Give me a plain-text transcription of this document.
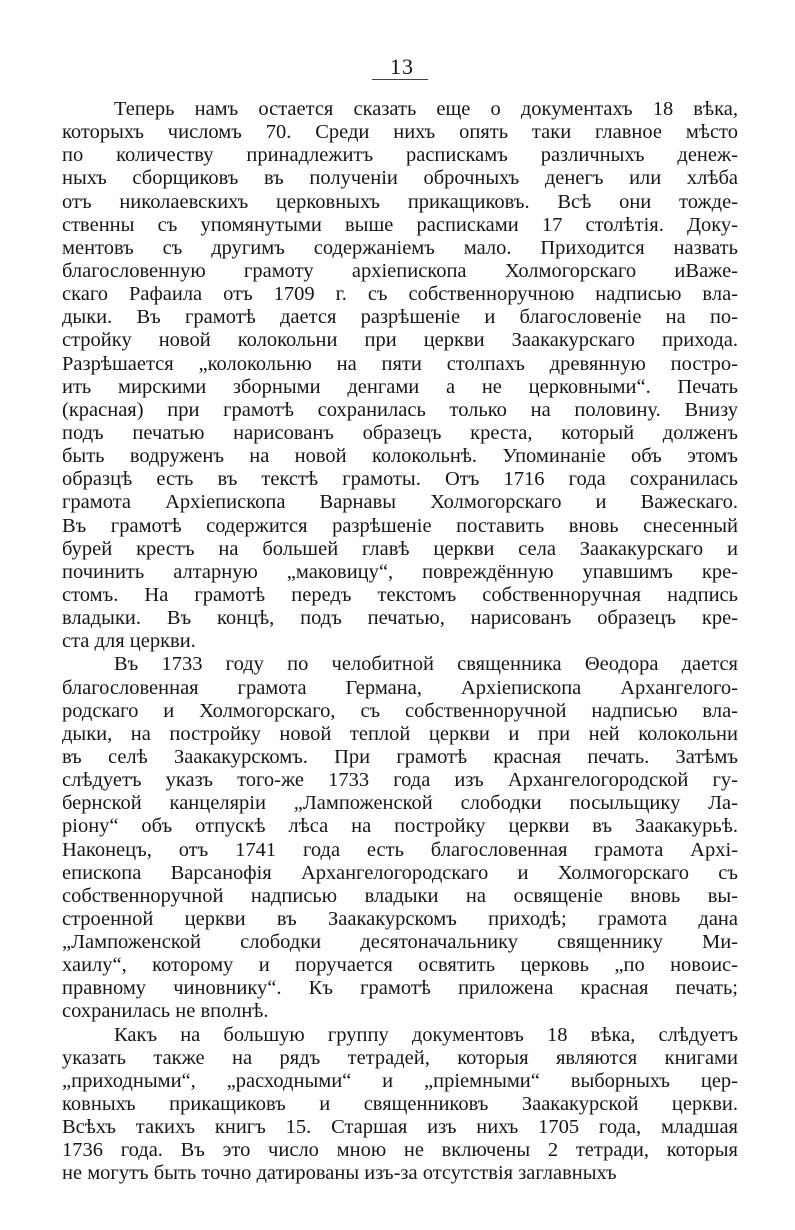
13
Теперь намъ остается сказать еще о документахъ 18 вѣка,
которыхъ числомъ 70. Среди нихъ опять таки главное мѣсто
по количеству принадлежитъ распискамъ различныхъ денеж-
ныхъ сборщиковъ въ полученіи оброчныхъ денегъ или хлѣба
отъ николаевскихъ церковныхъ прикащиковъ. Всѣ они тожде-
ственны съ упомянутыми выше расписками 17 столѣтія. Доку-
ментовъ съ другимъ содержаніемъ мало. Приходится назвать
благословенную грамоту архіепископа Холмогорскаго иВаже-
скаго Рафаила отъ 1709 г. съ собственноручною надписью вла-
дыки. Въ грамотѣ дается разрѣшеніе и благословеніе на по-
стройку новой колокольни при церкви Заакакурскаго прихода.
Разрѣшается „колокольню на пяти столпахъ древянную постро-
ить мирскими зборными денгами а не церковными“. Печать
(красная) при грамотѣ сохранилась только на половину. Внизу
подъ печатью нарисованъ образецъ креста, который долженъ
быть водруженъ на новой колокольнѣ. Упоминаніе объ этомъ
образцѣ есть въ текстѣ грамоты. Отъ 1716 года сохранилась
грамота Архіепископа Варнавы Холмогорскаго и Важескаго.
Въ грамотѣ содержится разрѣшеніе поставить вновь снесенный
бурей крестъ на большей главѣ церкви села Заакакурскаго и
починить алтарную „маковицу“, повреждённую упавшимъ кре-
стомъ. На грамотѣ передъ текстомъ собственноручная надпись
владыки. Въ концѣ, подъ печатью, нарисованъ образецъ кре-
ста для церкви.
Въ 1733 году по челобитной священника Θеодора дается
благословенная грамота Германа, Архіепископа Архангелого-
родскаго и Холмогорскаго, съ собственноручной надписью вла-
дыки, на постройку новой теплой церкви и при ней колокольни
въ селѣ Заакакурскомъ. При грамотѣ красная печать. Затѣмъ
слѣдуетъ указъ того-же 1733 года изъ Архангелогородской гу-
бернской канцеляріи „Лампоженской слободки посыльщику Ла-
ріону“ объ отпускѣ лѣса на постройку церкви въ Заакакурьѣ.
Наконецъ, отъ 1741 года есть благословенная грамота Архі-
епископа Варсанофія Архангелогородскаго и Холмогорскаго съ
собственноручной надписью владыки на освященіе вновь вы-
строенной церкви въ Заакакурскомъ приходѣ; грамота дана
„Лампоженской слободки десятоначальнику священнику Ми-
хаилу“, которому и поручается освятить церковь „по новоис-
правному чиновнику“. Къ грамотѣ приложена красная печать;
сохранилась не вполнѣ.
Какъ на большую группу документовъ 18 вѣка, слѣдуетъ
указать также на рядъ тетрадей, которыя являются книгами
„приходными“, „расходными“ и „пріемными“ выборныхъ цер-
ковныхъ прикащиковъ и священниковъ Заакакурской церкви.
Всѣхъ такихъ книгъ 15. Старшая изъ нихъ 1705 года, младшая
1736 года. Въ это число мною не включены 2 тетради, которыя
не могутъ быть точно датированы изъ-за отсутствія заглавныхъ
